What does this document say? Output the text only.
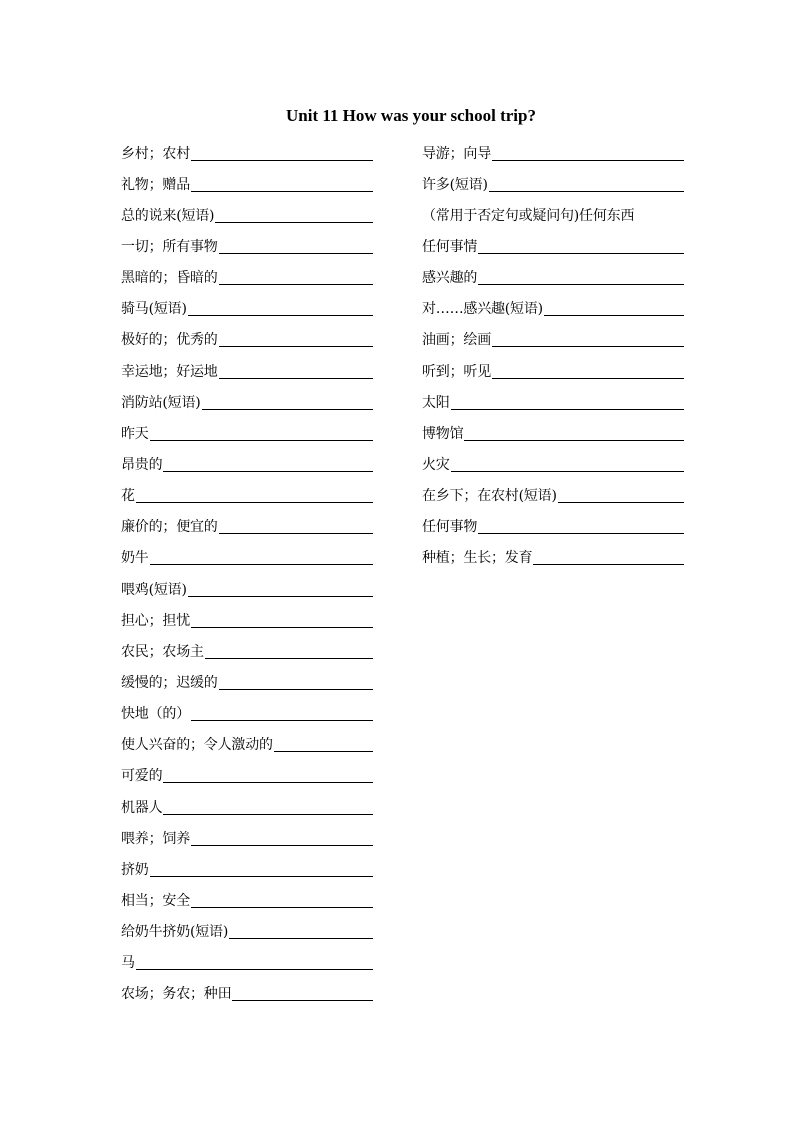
Unit 11 How was your school trip?
乡村；农村
礼物；赠品
总的说来(短语)
一切；所有事物
黑暗的；昏暗的
骑马(短语)
极好的；优秀的
幸运地；好运地
消防站(短语)
昨天
昂贵的
花
廉价的；便宜的
奶牛
喂鸡(短语)
担心；担忧
农民；农场主
缓慢的；迟缓的
快地（的）
使人兴奋的；令人激动的
可爱的
机器人
喂养；饲养
挤奶
相当；安全
给奶牛挤奶(短语)
马
农场；务农；种田
导游；向导
许多(短语)
（常用于否定句或疑问句)任何东西
任何事情
感兴趣的
对……感兴趣(短语)
油画；绘画
听到；听见
太阳
博物馆
火灾
在乡下；在农村(短语)
任何事物
种植；生长；发育
